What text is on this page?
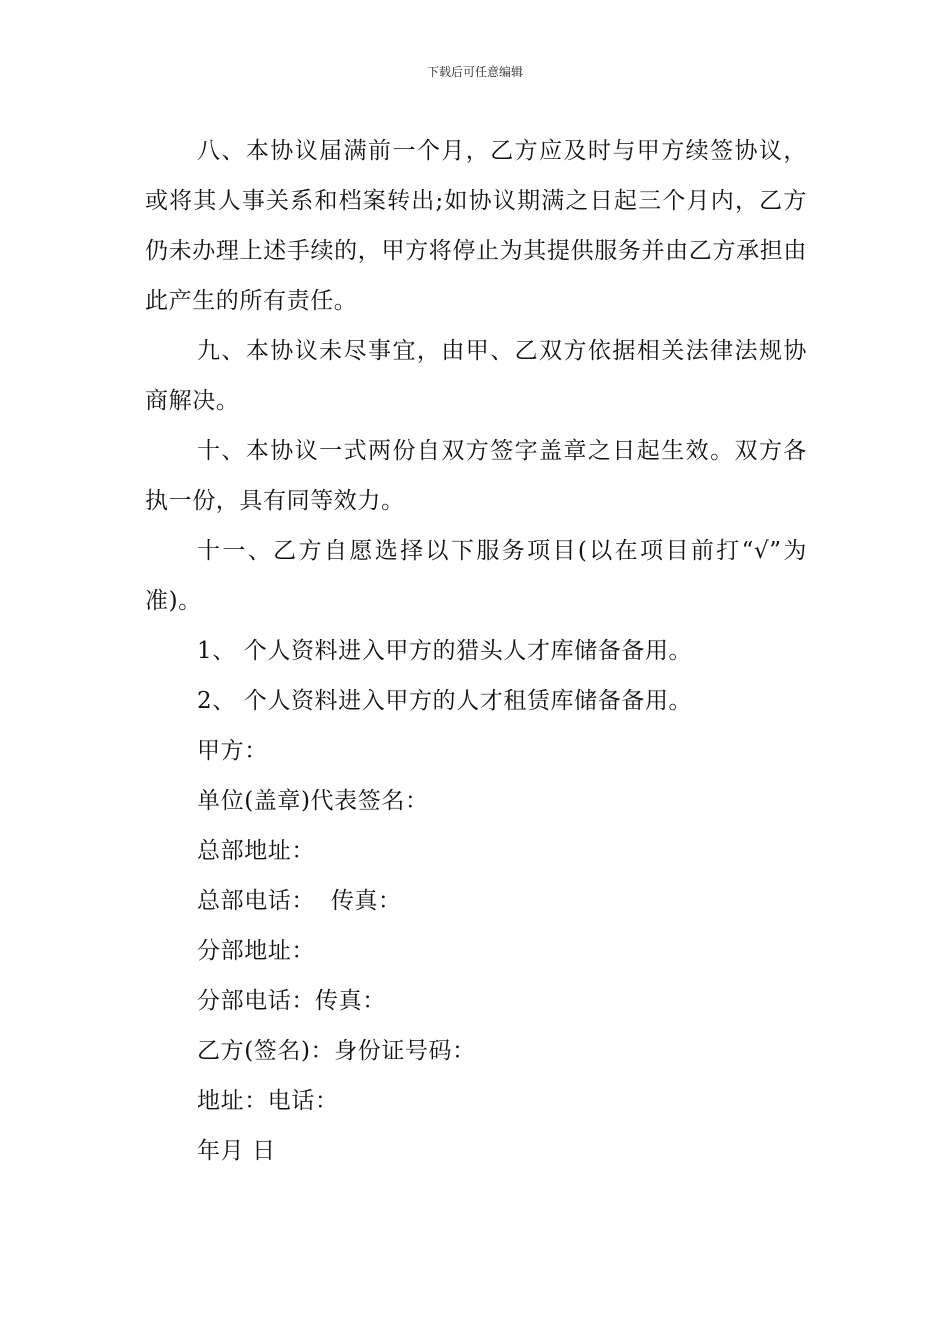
下载后可任意编辑

八、本协议届满前一个月，乙方应及时与甲方续签协议，或将其人事关系和档案转出;如协议期满之日起三个月内，乙方仍未办理上述手续的，甲方将停止为其提供服务并由乙方承担由此产生的所有责任。

九、本协议未尽事宜，由甲、乙双方依据相关法律法规协商解决。

十、本协议一式两份自双方签字盖章之日起生效。双方各执一份，具有同等效力。

十一、乙方自愿选择以下服务项目(以在项目前打“√”为准)。

1、 个人资料进入甲方的猎头人才库储备备用。

2、 个人资料进入甲方的人才租赁库储备备用。

甲方：

单位(盖章)代表签名：

总部地址：

总部电话：  传真：

分部地址：

分部电话：传真：

乙方(签名)：身份证号码：

地址：电话：

年月 日
